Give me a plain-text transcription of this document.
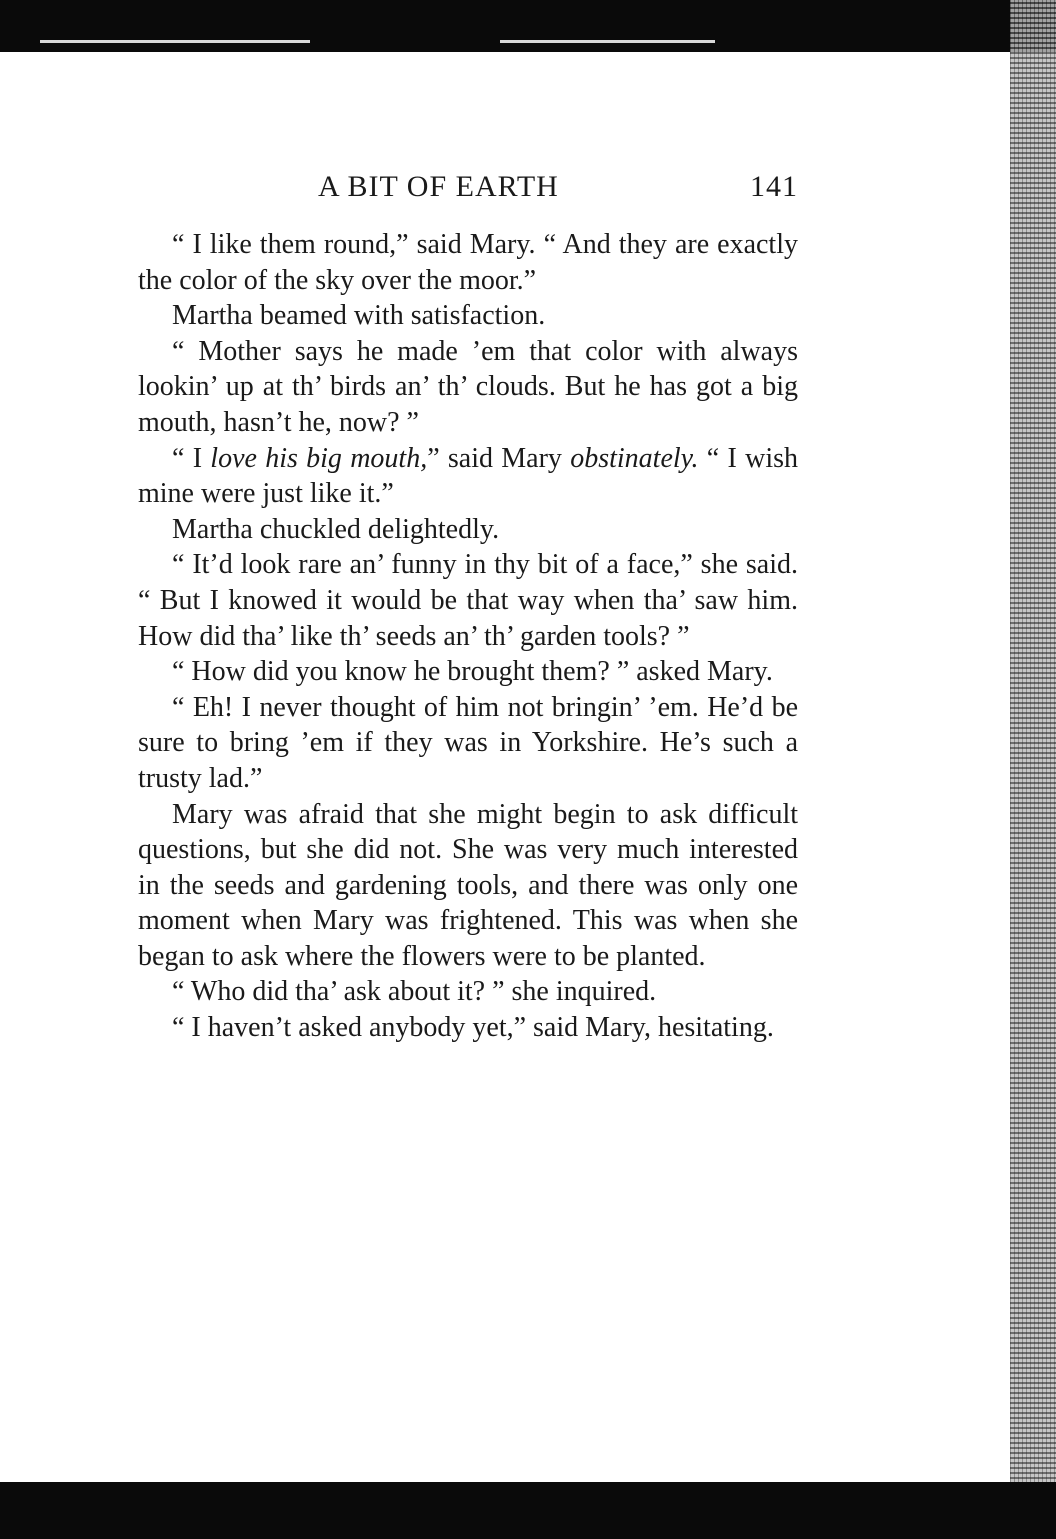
A BIT OF EARTH	141

“ I like them round,” said Mary. “ And they are exactly the color of the sky over the moor.”

Martha beamed with satisfaction.

“ Mother says he made ’em that color with always lookin’ up at th’ birds an’ th’ clouds. But he has got a big mouth, hasn’t he, now? ”

“ I love his big mouth,” said Mary obstinately. “ I wish mine were just like it.”

Martha chuckled delightedly.

“ It’d look rare an’ funny in thy bit of a face,” she said. “ But I knowed it would be that way when tha’ saw him. How did tha’ like th’ seeds an’ th’ garden tools? ”

“ How did you know he brought them? ” asked Mary.

“ Eh! I never thought of him not bringin’ ’em. He’d be sure to bring ’em if they was in Yorkshire. He’s such a trusty lad.”

Mary was afraid that she might begin to ask difficult questions, but she did not. She was very much interested in the seeds and gardening tools, and there was only one moment when Mary was frightened. This was when she began to ask where the flowers were to be planted.

“ Who did tha’ ask about it? ” she inquired.

“ I haven’t asked anybody yet,” said Mary, hesitating.
